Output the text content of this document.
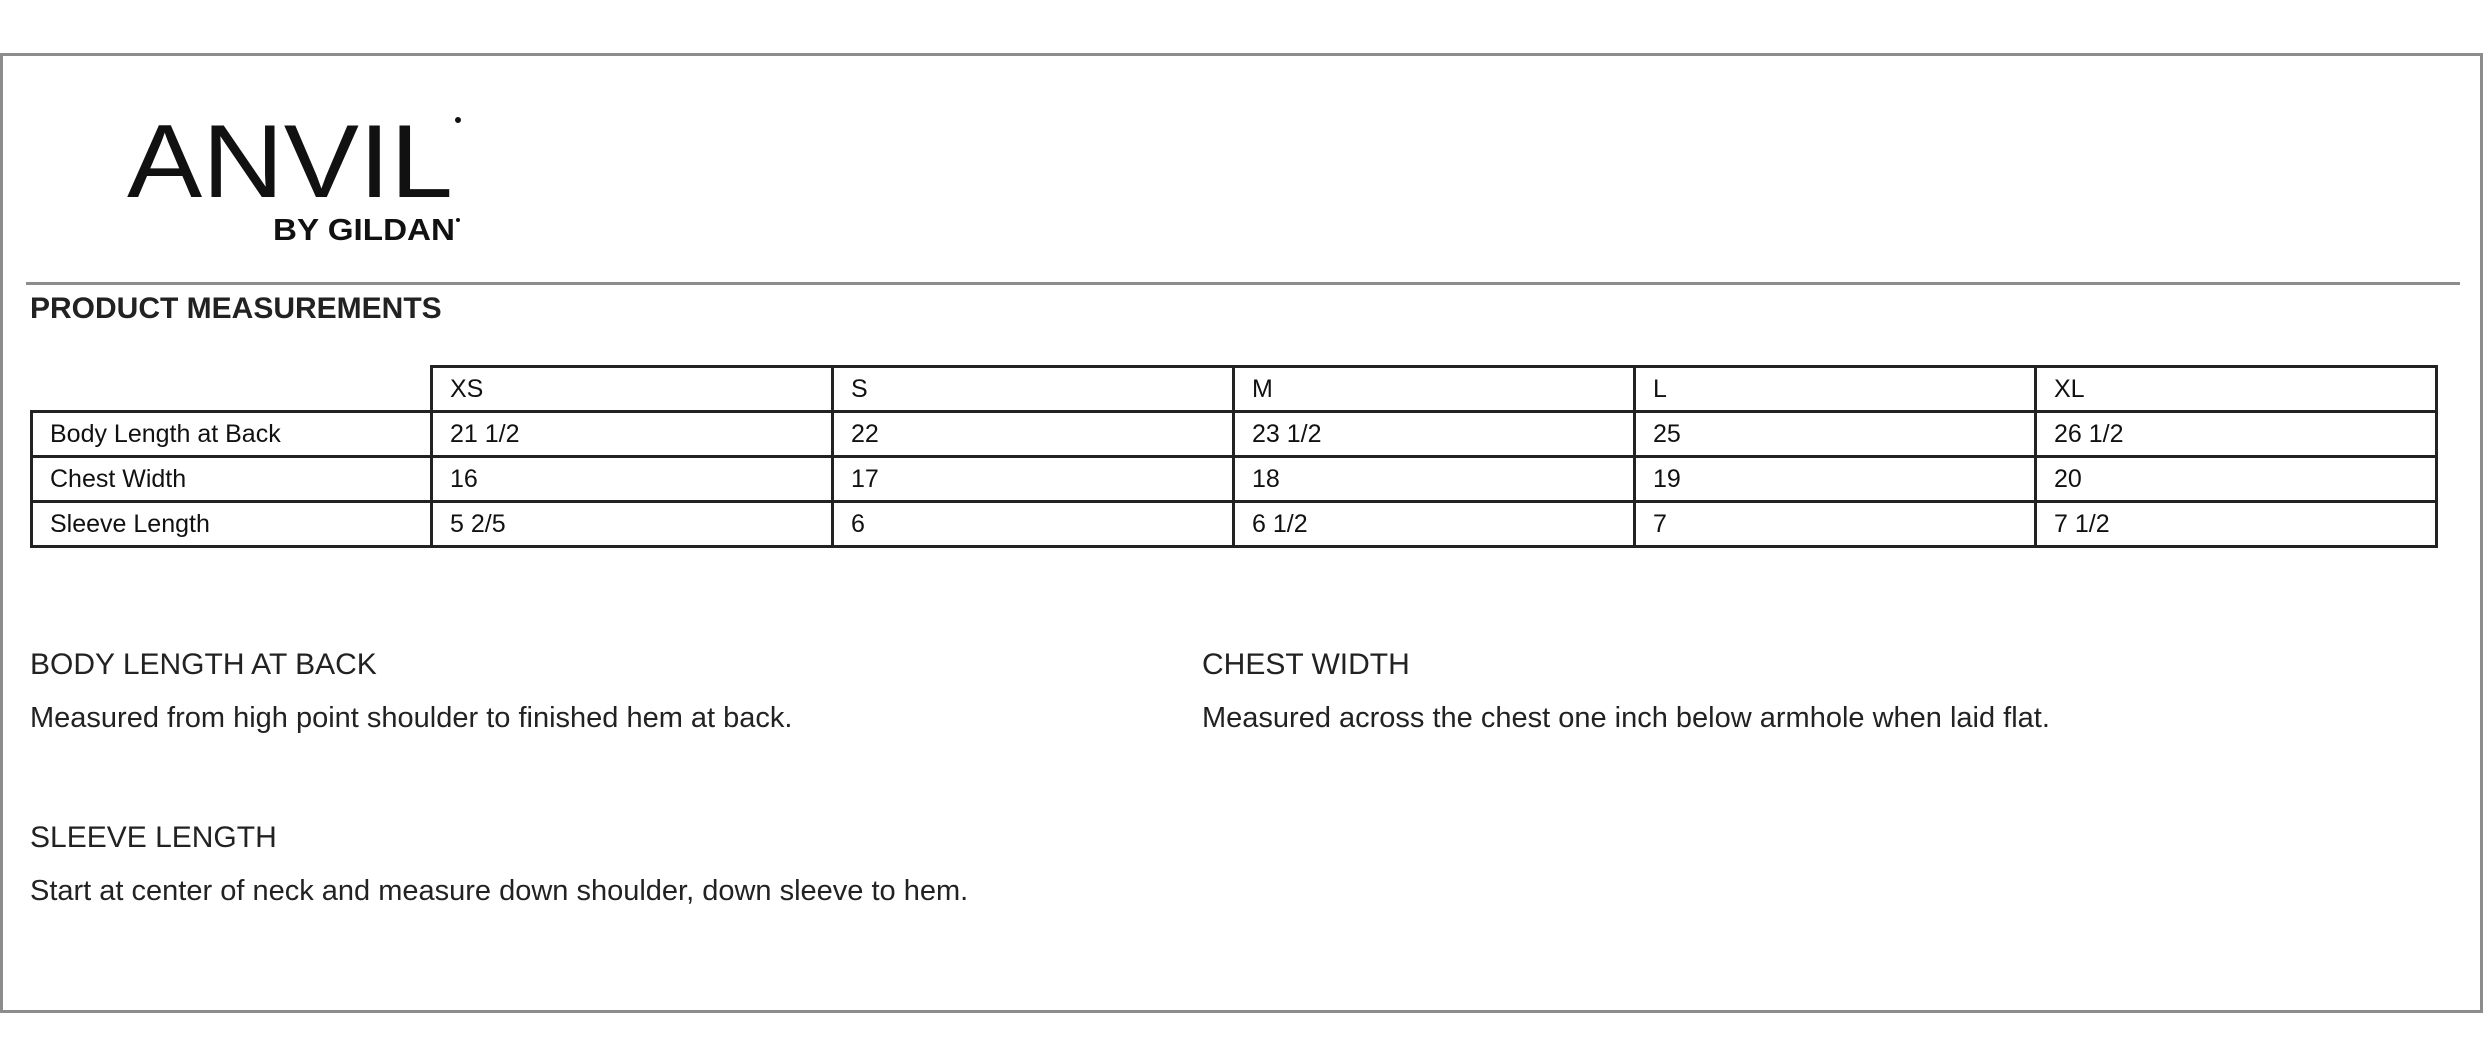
ANVIL
BY GILDAN
PRODUCT MEASUREMENTS
	XS	S	M	L	XL
Body Length at Back	21 1/2	22	23 1/2	25	26 1/2
Chest Width	16	17	18	19	20
Sleeve Length	5 2/5	6	6 1/2	7	7 1/2
BODY LENGTH AT BACK
Measured from high point shoulder to finished hem at back.
CHEST WIDTH
Measured across the chest one inch below armhole when laid flat.
SLEEVE LENGTH
Start at center of neck and measure down shoulder, down sleeve to hem.
